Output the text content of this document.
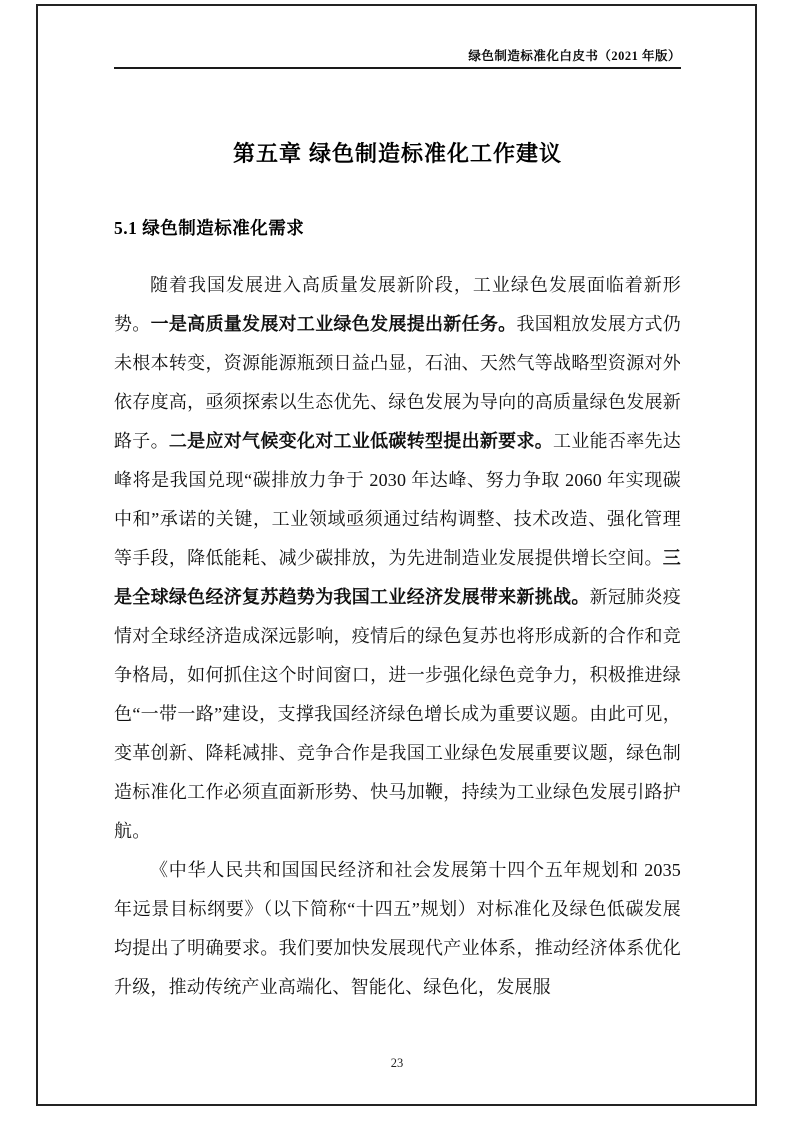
绿色制造标准化白皮书（2021 年版）
第五章 绿色制造标准化工作建议
5.1 绿色制造标准化需求

随着我国发展进入高质量发展新阶段，工业绿色发展面临着新形势。一是高质量发展对工业绿色发展提出新任务。我国粗放发展方式仍未根本转变，资源能源瓶颈日益凸显，石油、天然气等战略型资源对外依存度高，亟须探索以生态优先、绿色发展为导向的高质量绿色发展新路子。二是应对气候变化对工业低碳转型提出新要求。工业能否率先达峰将是我国兑现“碳排放力争于 2030 年达峰、努力争取 2060 年实现碳中和”承诺的关键，工业领域亟须通过结构调整、技术改造、强化管理等手段，降低能耗、减少碳排放，为先进制造业发展提供增长空间。三是全球绿色经济复苏趋势为我国工业经济发展带来新挑战。新冠肺炎疫情对全球经济造成深远影响，疫情后的绿色复苏也将形成新的合作和竞争格局，如何抓住这个时间窗口，进一步强化绿色竞争力，积极推进绿色“一带一路”建设，支撑我国经济绿色增长成为重要议题。由此可见，变革创新、降耗减排、竞争合作是我国工业绿色发展重要议题，绿色制造标准化工作必须直面新形势、快马加鞭，持续为工业绿色发展引路护航。

《中华人民共和国国民经济和社会发展第十四个五年规划和 2035 年远景目标纲要》（以下简称“十四五”规划）对标准化及绿色低碳发展均提出了明确要求。我们要加快发展现代产业体系，推动经济体系优化升级，推动传统产业高端化、智能化、绿色化，发展服

23
